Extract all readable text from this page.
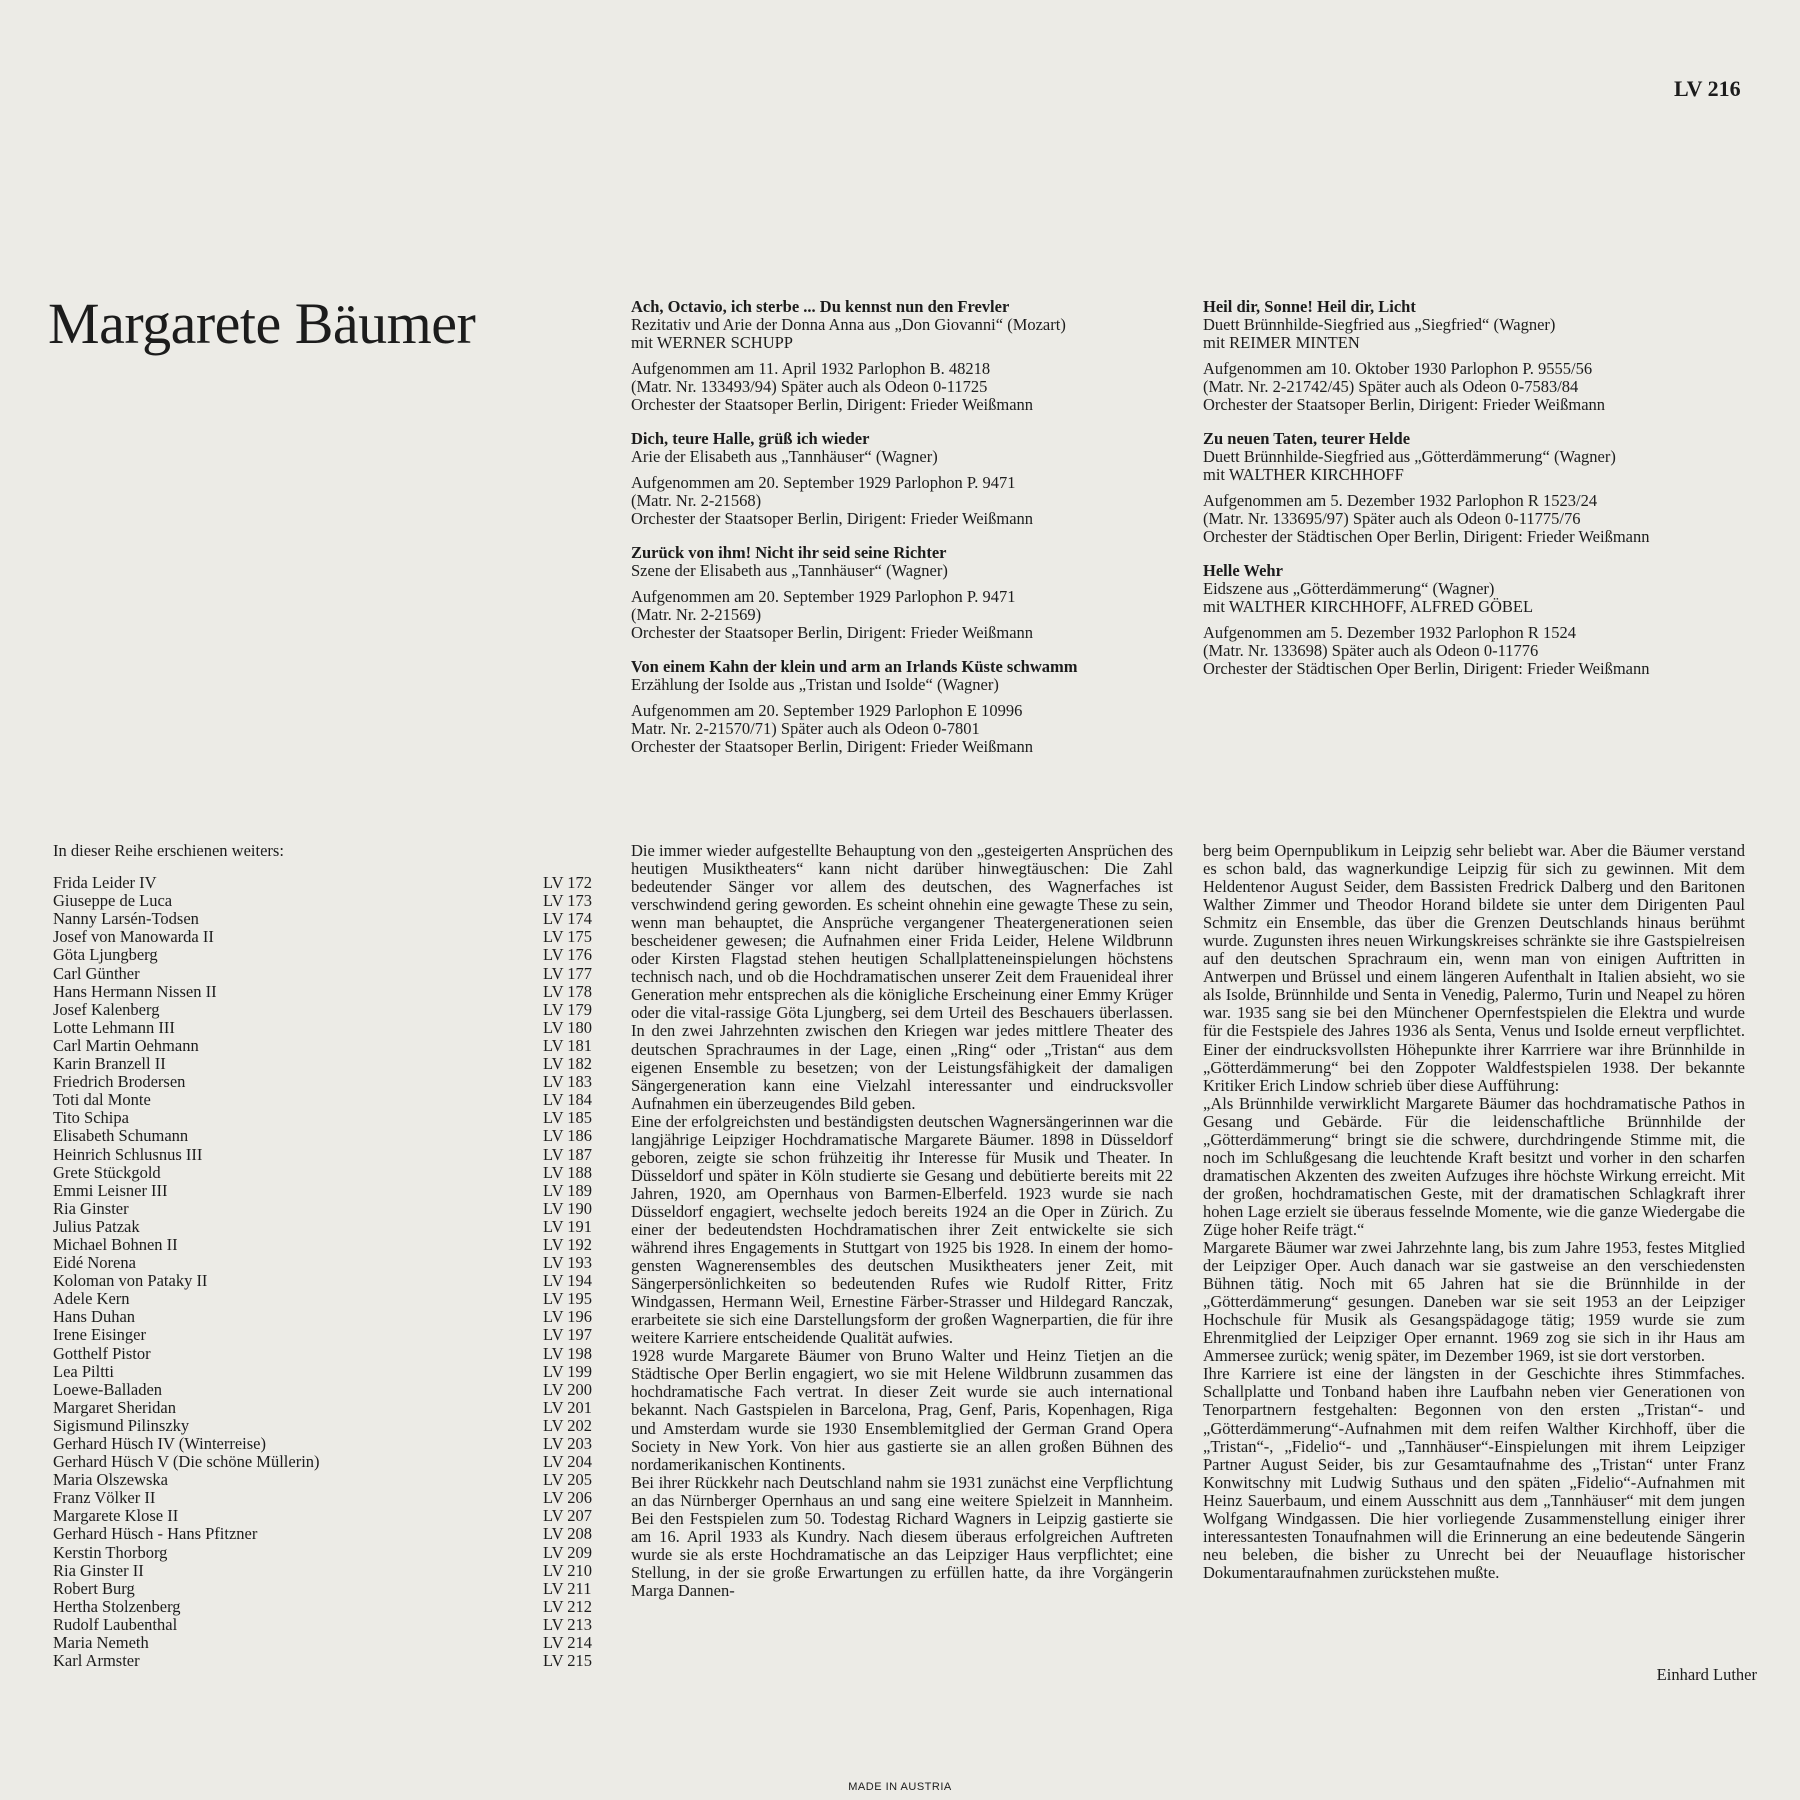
LV 216
Margarete Bäumer	Ach, Octavio, ich sterbe ... Du kennst nun den Frevler
Rezitativ und Arie der Donna Anna aus „Don Giovanni“ (Mozart)
mit WERNER SCHUPP
Aufgenommen am 11. April 1932 Parlophon B. 48218
(Matr. Nr. 133493/94) Später auch als Odeon 0-11725
Orchester der Staatsoper Berlin, Dirigent: Frieder Weißmann
Dich, teure Halle, grüß ich wieder
Arie der Elisabeth aus „Tannhäuser“ (Wagner)
Aufgenommen am 20. September 1929 Parlophon P. 9471
(Matr. Nr. 2-21568)
Orchester der Staatsoper Berlin, Dirigent: Frieder Weißmann
Zurück von ihm! Nicht ihr seid seine Richter
Szene der Elisabeth aus „Tannhäuser“ (Wagner)
Aufgenommen am 20. September 1929 Parlophon P. 9471
(Matr. Nr. 2-21569)
Orchester der Staatsoper Berlin, Dirigent: Frieder Weißmann
Von einem Kahn der klein und arm an Irlands Küste schwamm
Erzählung der Isolde aus „Tristan und Isolde“ (Wagner)
Aufgenommen am 20. September 1929 Parlophon E 10996
Matr. Nr. 2-21570/71) Später auch als Odeon 0-7801
Orchester der Staatsoper Berlin, Dirigent: Frieder Weißmann
Heil dir, Sonne! Heil dir, Licht
Duett Brünnhilde-Siegfried aus „Siegfried“ (Wagner)
mit REIMER MINTEN
Aufgenommen am 10. Oktober 1930 Parlophon P. 9555/56
(Matr. Nr. 2-21742/45) Später auch als Odeon 0-7583/84
Orchester der Staatsoper Berlin, Dirigent: Frieder Weißmann
Zu neuen Taten, teurer Helde
Duett Brünnhilde-Siegfried aus „Götterdämmerung“ (Wagner)
mit WALTHER KIRCHHOFF
Aufgenommen am 5. Dezember 1932 Parlophon R 1523/24
(Matr. Nr. 133695/97) Später auch als Odeon 0-11775/76
Orchester der Städtischen Oper Berlin, Dirigent: Frieder Weißmann
Helle Wehr
Eidszene aus „Götterdämmerung“ (Wagner)
mit WALTHER KIRCHHOFF, ALFRED GÖBEL
Aufgenommen am 5. Dezember 1932 Parlophon R 1524
(Matr. Nr. 133698) Später auch als Odeon 0-11776
Orchester der Städtischen Oper Berlin, Dirigent: Frieder Weißmann
In dieser Reihe erschienen weiters:
Frida Leider IV	LV 172
Giuseppe de Luca	LV 173
Nanny Larsén-Todsen	LV 174
Josef von Manowarda II	LV 175
Göta Ljungberg	LV 176
Carl Günther	LV 177
Hans Hermann Nissen II	LV 178
Josef Kalenberg	LV 179
Lotte Lehmann III	LV 180
Carl Martin Oehmann	LV 181
Karin Branzell II	LV 182
Friedrich Brodersen	LV 183
Toti dal Monte	LV 184
Tito Schipa	LV 185
Elisabeth Schumann	LV 186
Heinrich Schlusnus III	LV 187
Grete Stückgold	LV 188
Emmi Leisner III	LV 189
Ria Ginster	LV 190
Julius Patzak	LV 191
Michael Bohnen II	LV 192
Eidé Norena	LV 193
Koloman von Pataky II	LV 194
Adele Kern	LV 195
Hans Duhan	LV 196
Irene Eisinger	LV 197
Gotthelf Pistor	LV 198
Lea Piltti	LV 199
Loewe-Balladen	LV 200
Margaret Sheridan	LV 201
Sigismund Pilinszky	LV 202
Gerhard Hüsch IV (Winterreise)	LV 203
Gerhard Hüsch V (Die schöne Müllerin)	LV 204
Maria Olszewska	LV 205
Franz Völker II	LV 206
Margarete Klose II	LV 207
Gerhard Hüsch - Hans Pfitzner	LV 208
Kerstin Thorborg	LV 209
Ria Ginster II	LV 210
Robert Burg	LV 211
Hertha Stolzenberg	LV 212
Rudolf Laubenthal	LV 213
Maria Nemeth	LV 214
Karl Armster	LV 215

Die immer wieder aufgestellte Behauptung von den „gesteigerten Ansprüchen des heutigen Musiktheaters“ kann nicht darüber hinwegtäuschen: Die Zahl bedeutender Sänger vor allem des deutschen, des Wagnerfaches ist verschwindend gering geworden. Es scheint ohnehin eine gewagte These zu sein, wenn man behauptet, die Ansprüche vergangener Theatergenerationen seien bescheidener gewesen; die Aufnahmen einer Frida Leider, Helene Wildbrunn oder Kirsten Flagstad stehen heutigen Schallplatteneinspielungen höchstens technisch nach, und ob die Hochdramatischen unserer Zeit dem Frauenideal ihrer Generation mehr entsprechen als die königliche Erscheinung einer Emmy Krüger oder die vital-rassige Göta Ljungberg, sei dem Urteil des Beschauers überlassen. In den zwei Jahrzehnten zwischen den Kriegen war jedes mittlere Theater des deutschen Sprachraumes in der Lage, einen „Ring“ oder „Tristan“ aus dem eigenen Ensemble zu besetzen; von der Leistungsfähigkeit der damaligen Sängergeneration kann eine Vielzahl interessanter und eindrucksvoller Aufnahmen ein überzeugendes Bild geben.

Eine der erfolgreichsten und beständigsten deutschen Wagnersängerinnen war die langjährige Leipziger Hochdramatische Margarete Bäumer. 1898 in Düsseldorf geboren, zeigte sie schon frühzeitig ihr Interesse für Musik und Theater. In Düsseldorf und später in Köln studierte sie Gesang und debütierte bereits mit 22 Jahren, 1920, am Opernhaus von Barmen-Elberfeld. 1923 wurde sie nach Düsseldorf engagiert, wechselte jedoch bereits 1924 an die Oper in Zürich. Zu einer der bedeutendsten Hochdramatischen ihrer Zeit entwickelte sie sich während ihres Engagements in Stuttgart von 1925 bis 1928. In einem der homogensten Wagnerensembles des deutschen Musiktheaters jener Zeit, mit Sängerpersönlichkeiten so bedeutenden Rufes wie Rudolf Ritter, Fritz Windgassen, Hermann Weil, Ernestine Färber-Strasser und Hildegard Ranczak, erarbeitete sie sich eine Darstellungsform der großen Wagnerpartien, die für ihre weitere Karriere entscheidende Qualität aufwies.

1928 wurde Margarete Bäumer von Bruno Walter und Heinz Tietjen an die Städtische Oper Berlin engagiert, wo sie mit Helene Wildbrunn zusammen das hochdramatische Fach vertrat. In dieser Zeit wurde sie auch international bekannt. Nach Gastspielen in Barcelona, Prag, Genf, Paris, Kopenhagen, Riga und Amsterdam wurde sie 1930 Ensemblemitglied der German Grand Opera Society in New York. Von hier aus gastierte sie an allen großen Bühnen des nordamerikanischen Kontinents.

Bei ihrer Rückkehr nach Deutschland nahm sie 1931 zunächst eine Verpflichtung an das Nürnberger Opernhaus an und sang eine weitere Spielzeit in Mannheim. Bei den Festspielen zum 50. Todestag Richard Wagners in Leipzig gastierte sie am 16. April 1933 als Kundry. Nach diesem überaus erfolgreichen Auftreten wurde sie als erste Hochdramatische an das Leipziger Haus verpflichtet; eine Stellung, in der sie große Erwartungen zu erfüllen hatte, da ihre Vorgängerin Marga Dannen-

berg beim Opernpublikum in Leipzig sehr beliebt war. Aber die Bäumer verstand es schon bald, das wagnerkundige Leipzig für sich zu gewinnen. Mit dem Heldentenor August Seider, dem Bassisten Fredrick Dalberg und den Baritonen Walther Zimmer und Theodor Horand bildete sie unter dem Dirigenten Paul Schmitz ein Ensemble, das über die Grenzen Deutschlands hinaus berühmt wurde. Zugunsten ihres neuen Wirkungskreises schränkte sie ihre Gastspielreisen auf den deutschen Sprachraum ein, wenn man von einigen Auftritten in Antwerpen und Brüssel und einem längeren Aufenthalt in Italien absieht, wo sie als Isolde, Brünnhilde und Senta in Venedig, Palermo, Turin und Neapel zu hören war. 1935 sang sie bei den Münchener Opernfestspielen die Elektra und wurde für die Festspiele des Jahres 1936 als Senta, Venus und Isolde erneut verpflichtet. Einer der eindrucksvollsten Höhepunkte ihrer Karrriere war ihre Brünnhilde in „Götterdämmerung“ bei den Zoppoter Waldfestspielen 1938. Der bekannte Kritiker Erich Lindow schrieb über diese Aufführung:

„Als Brünnhilde verwirklicht Margarete Bäumer das hochdramatische Pathos in Gesang und Gebärde. Für die leidenschaftliche Brünnhilde der „Götterdämmerung“ bringt sie die schwere, durchdringende Stimme mit, die noch im Schlußgesang die leuchtende Kraft besitzt und vorher in den scharfen dramatischen Akzenten des zweiten Aufzuges ihre höchste Wirkung erreicht. Mit der großen, hochdramatischen Geste, mit der dramatischen Schlagkraft ihrer hohen Lage erzielt sie überaus fesselnde Momente, wie die ganze Wiedergabe die Züge hoher Reife trägt.“

Margarete Bäumer war zwei Jahrzehnte lang, bis zum Jahre 1953, festes Mitglied der Leipziger Oper. Auch danach war sie gastweise an den verschiedensten Bühnen tätig. Noch mit 65 Jahren hat sie die Brünnhilde in der „Götterdämmerung“ gesungen. Daneben war sie seit 1953 an der Leipziger Hochschule für Musik als Gesangspädagoge tätig; 1959 wurde sie zum Ehrenmitglied der Leipziger Oper ernannt. 1969 zog sie sich in ihr Haus am Ammersee zurück; wenig später, im Dezember 1969, ist sie dort verstorben.

Ihre Karriere ist eine der längsten in der Geschichte ihres Stimmfaches. Schallplatte und Tonband haben ihre Laufbahn neben vier Generationen von Tenorpartnern festgehalten: Begonnen von den ersten „Tristan“- und „Götterdämmerung“-Aufnahmen mit dem reifen Walther Kirchhoff, über die „Tristan“-, „Fidelio“- und „Tannhäuser“-Einspielungen mit ihrem Leipziger Partner August Seider, bis zur Gesamtaufnahme des „Tristan“ unter Franz Konwitschny mit Ludwig Suthaus und den späten „Fidelio“-Aufnahmen mit Heinz Sauerbaum, und einem Ausschnitt aus dem „Tannhäuser“ mit dem jungen Wolfgang Windgassen. Die hier vorliegende Zusammenstellung einiger ihrer interessantesten Tonaufnahmen will die Erinnerung an eine bedeutende Sängerin neu beleben, die bisher zu Unrecht bei der Neuauflage historischer Dokumentaraufnahmen zurückstehen mußte.

Einhard Luther
MADE IN AUSTRIA
